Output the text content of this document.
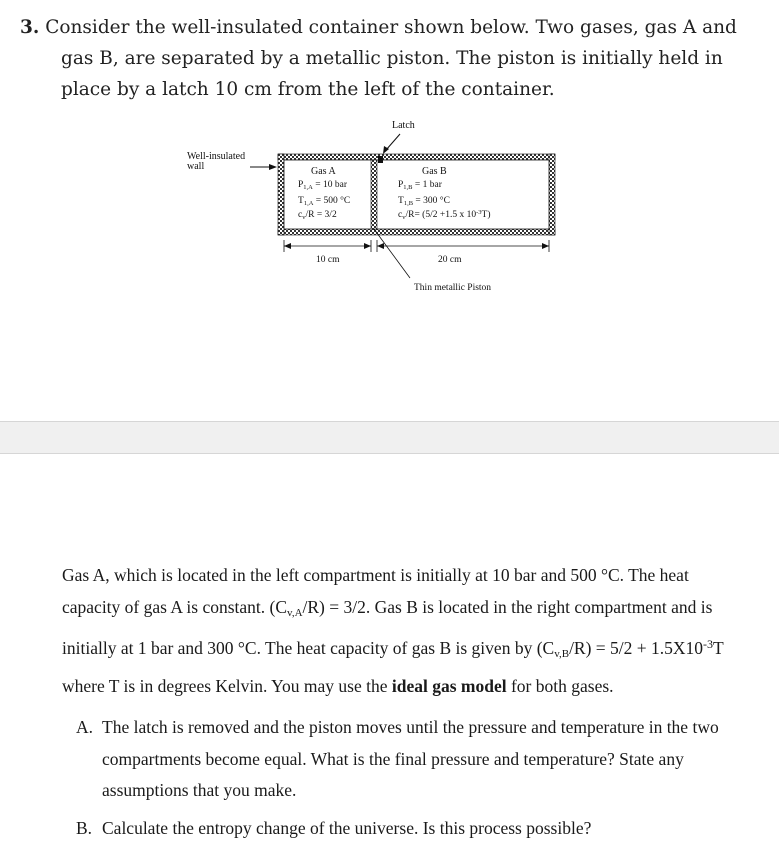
3. Consider the well-insulated container shown below. Two gases, gas A and
gas B, are separated by a metallic piston. The piston is initially held in
place by a latch 10 cm from the left of the container.
Latch
Well-insulated
wall	Gas A
$P_{1,A} = 10$ bar
$T_{1,A} = 500$ °C
$c_v/R = 3/2$
Gas B
$P_{1,B} = 1$ bar
$T_{1,B} = 300$ °C
$c_v/R= (5/2 +1.5$ x $10^{-3}T$)
10 cm	20 cm
Thin metallic Piston

Gas A, which is located in the left compartment is initially at 10 bar and 500 °C. The heat capacity of gas A is constant. $(C_{v,A}/R) = 3/2$. Gas B is located in the right compartment and is initially at 1 bar and 300 °C. The heat capacity of gas B is given by $(C_{v,B}/R) = 5/2 + 1.5X10^{-3}T$ where T is in degrees Kelvin. You may use the ideal gas model for both gases.

A. The latch is removed and the piston moves until the pressure and temperature in the two compartments become equal. What is the final pressure and temperature? State any assumptions that you make.
B. Calculate the entropy change of the universe. Is this process possible?
